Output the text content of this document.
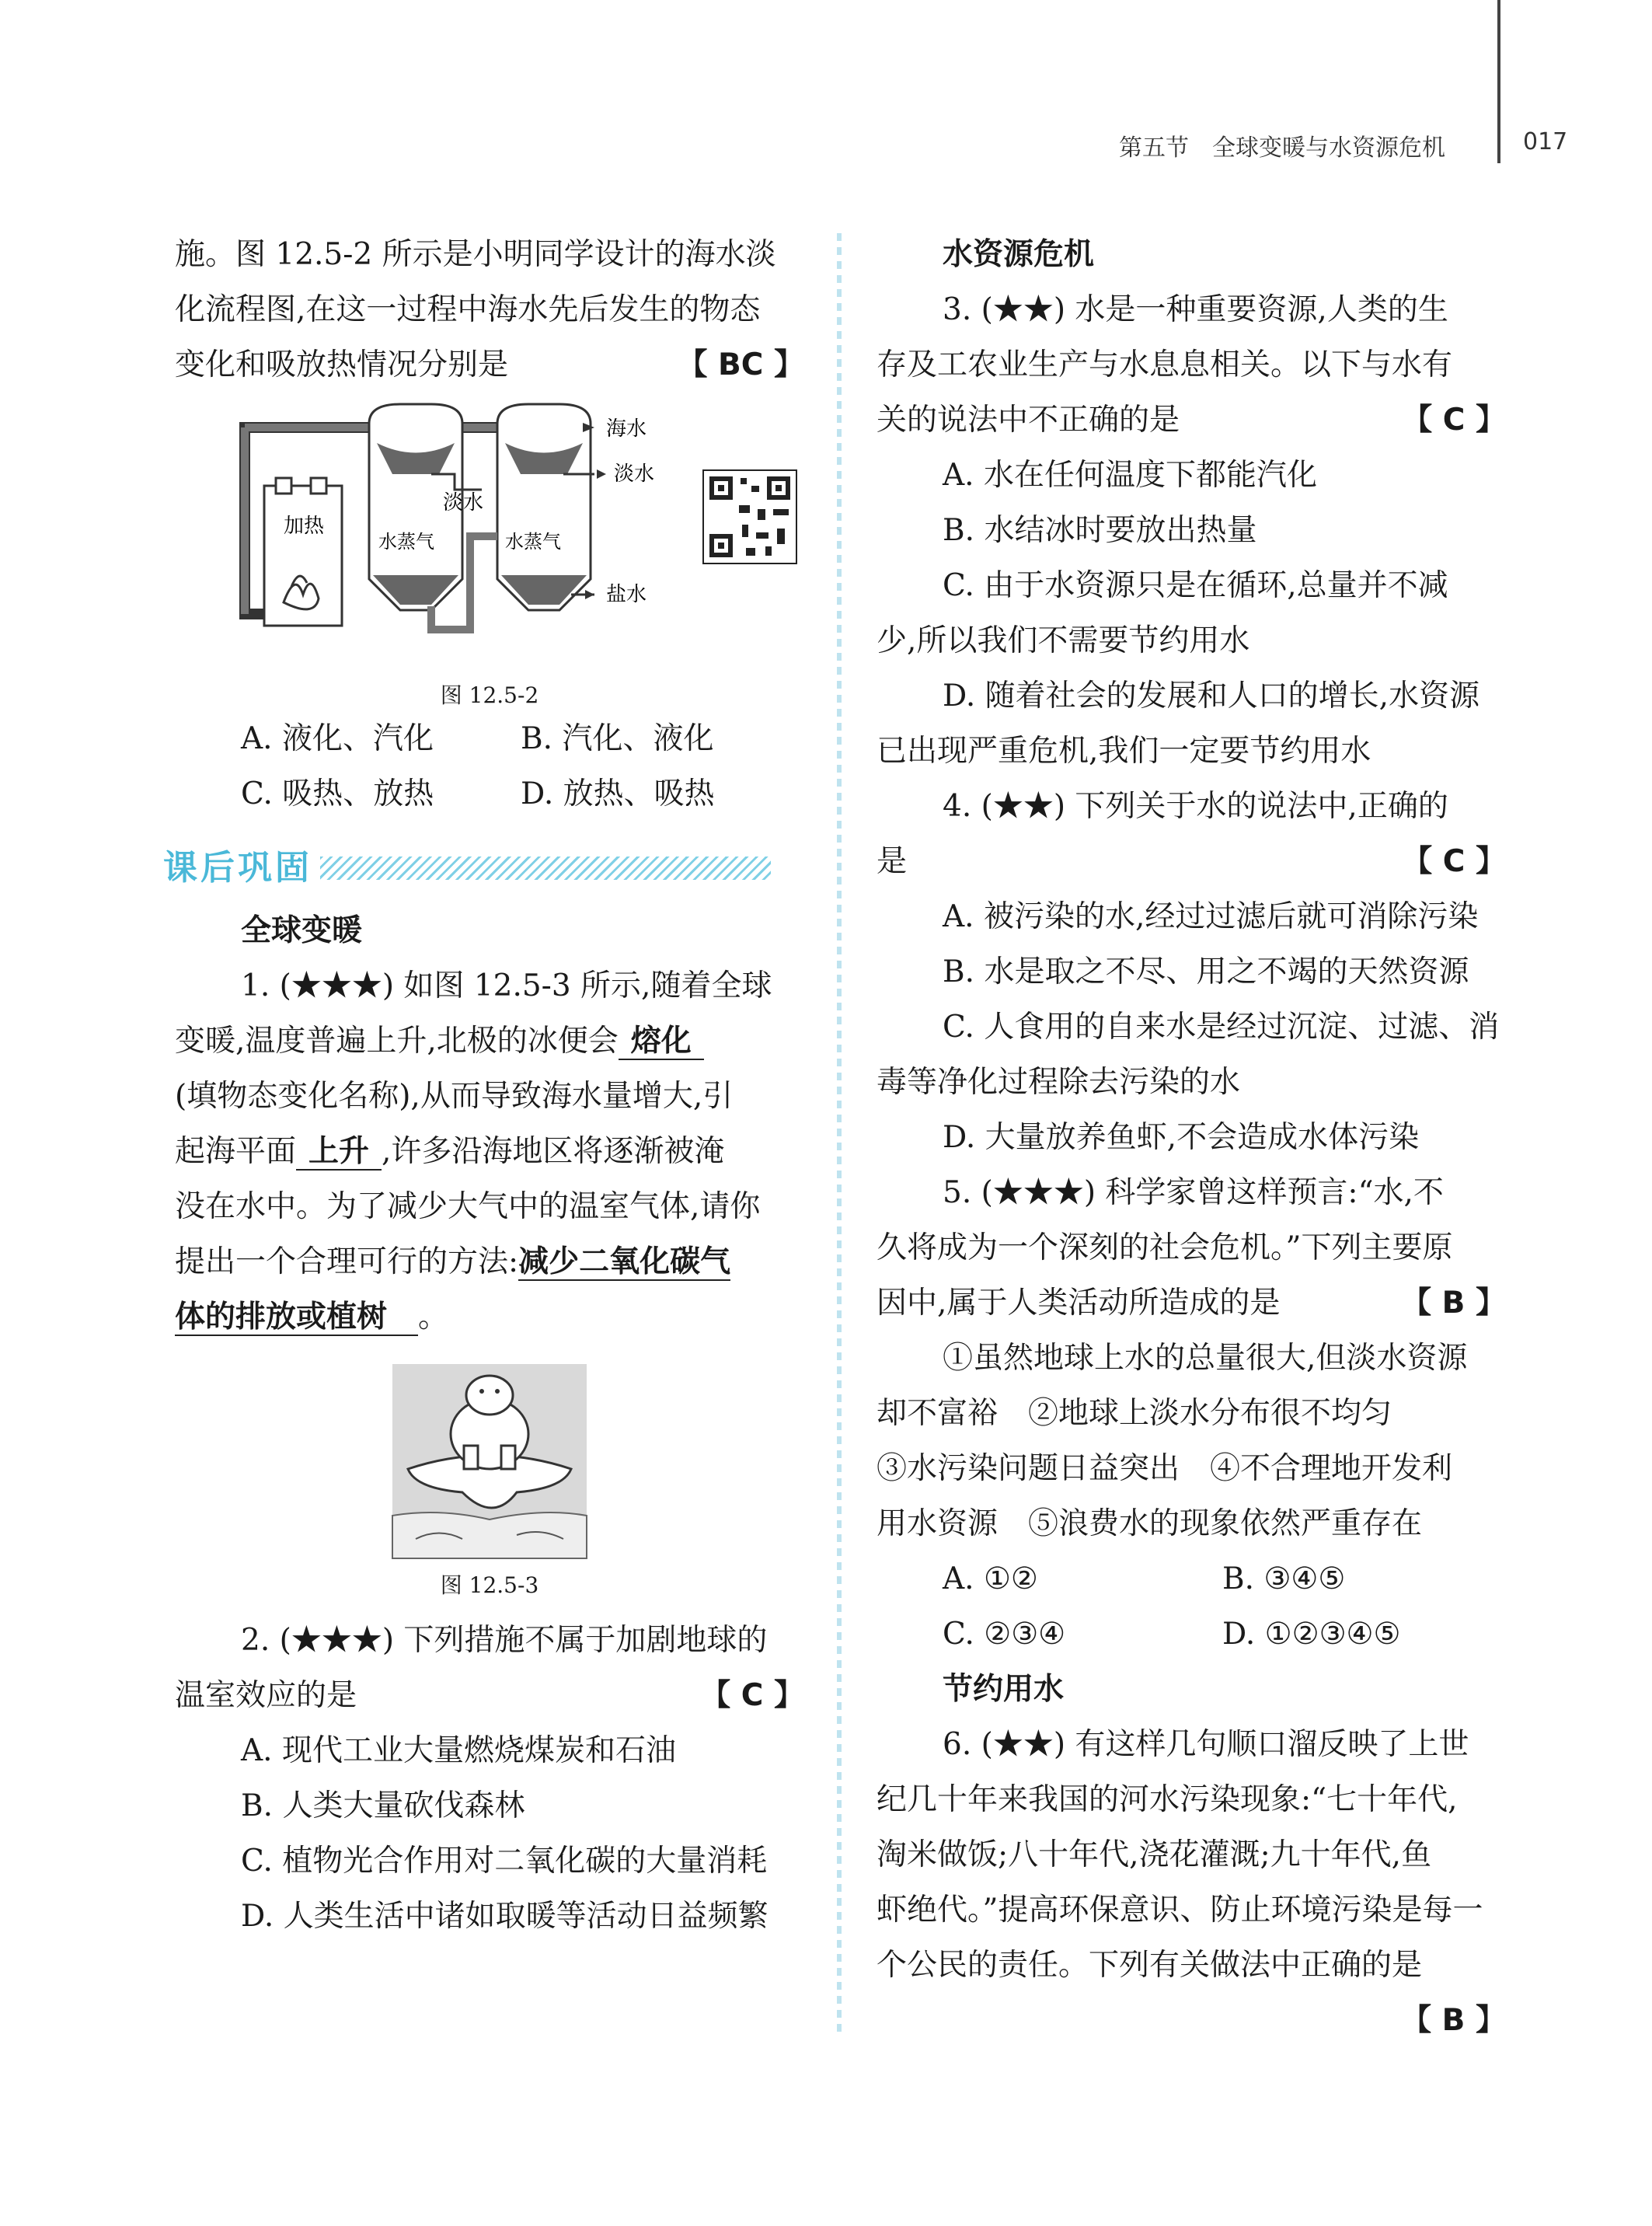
第五节　全球变暖与水资源危机	017

施。图 12.5-2 所示是小明同学设计的海水淡

化流程图,在这一过程中海水先后发生的物态

变化和吸放热情况分别是	【 BC 】

加热
水蒸气	水蒸气
淡水
海水
淡水
盐水

图 12.5-2

A. 液化、汽化	B. 汽化、液化
C. 吸热、放热	D. 放热、吸热
课后巩固

全球变暖

1. (★★★) 如图 12.5-3 所示,随着全球

变暖,温度普遍上升,北极的冰便会 熔化

(填物态变化名称),从而导致海水量增大,引

起海平面 上升 ,许多沿海地区将逐渐被淹

没在水中。为了减少大气中的温室气体,请你

提出一个合理可行的方法:减少二氧化碳气

体的排放或植树 。

图 12.5-3

2. (★★★) 下列措施不属于加剧地球的

温室效应的是	【 C 】

A. 现代工业大量燃烧煤炭和石油

B. 人类大量砍伐森林

C. 植物光合作用对二氧化碳的大量消耗

D. 人类生活中诸如取暖等活动日益频繁

水资源危机

3. (★★) 水是一种重要资源,人类的生

存及工农业生产与水息息相关。以下与水有

关的说法中不正确的是	【 C 】

A. 水在任何温度下都能汽化

B. 水结冰时要放出热量

C. 由于水资源只是在循环,总量并不减

少,所以我们不需要节约用水

D. 随着社会的发展和人口的增长,水资源

已出现严重危机,我们一定要节约用水

4. (★★) 下列关于水的说法中,正确的

是	【 C 】

A. 被污染的水,经过过滤后就可消除污染

B. 水是取之不尽、用之不竭的天然资源

C. 人食用的自来水是经过沉淀、过滤、消

毒等净化过程除去污染的水

D. 大量放养鱼虾,不会造成水体污染

5. (★★★) 科学家曾这样预言:“水,不

久将成为一个深刻的社会危机。”下列主要原

因中,属于人类活动所造成的是	【 B 】

①虽然地球上水的总量很大,但淡水资源

却不富裕　②地球上淡水分布很不均匀

③水污染问题日益突出　④不合理地开发利

用水资源　⑤浪费水的现象依然严重存在

A. ①②	B. ③④⑤
C. ②③④	D. ①②③④⑤

节约用水

6. (★★) 有这样几句顺口溜反映了上世

纪几十年来我国的河水污染现象:“七十年代,

淘米做饭;八十年代,浇花灌溉;九十年代,鱼

虾绝代。”提高环保意识、防止环境污染是每一

个公民的责任。下列有关做法中正确的是

【 B 】
